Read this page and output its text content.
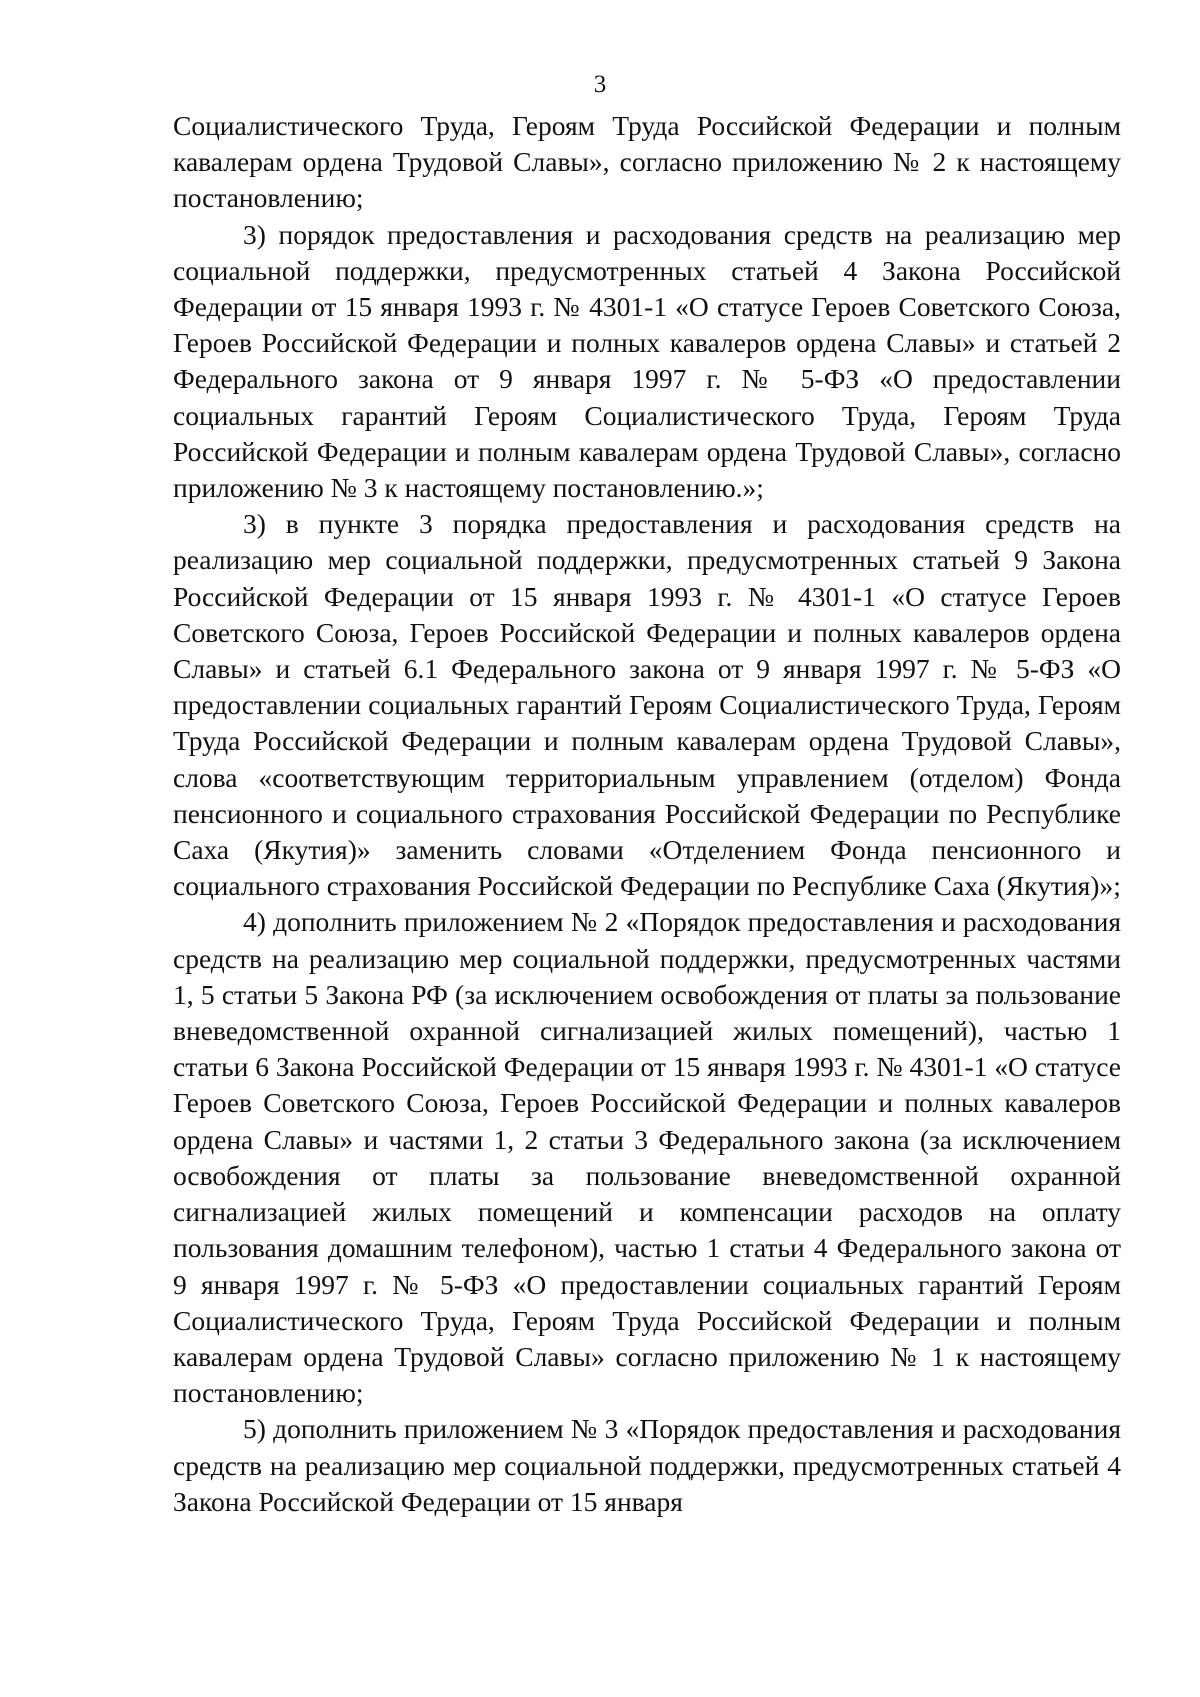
3

Социалистического Труда, Героям Труда Российской Федерации и полным кавалерам ордена Трудовой Славы», согласно приложению № 2 к настоящему постановлению;

3) порядок предоставления и расходования средств на реализацию мер социальной поддержки, предусмотренных статьей 4 Закона Российской Федерации от 15 января 1993 г. № 4301-1 «О статусе Героев Советского Союза, Героев Российской Федерации и полных кавалеров ордена Славы» и статьей 2 Федерального закона от 9 января 1997 г. № 5-ФЗ «О предоставлении социальных гарантий Героям Социалистического Труда, Героям Труда Российской Федерации и полным кавалерам ордена Трудовой Славы», согласно приложению № 3 к настоящему постановлению.»;

3) в пункте 3 порядка предоставления и расходования средств на реализацию мер социальной поддержки, предусмотренных статьей 9 Закона Российской Федерации от 15 января 1993 г. № 4301-1 «О статусе Героев Советского Союза, Героев Российской Федерации и полных кавалеров ордена Славы» и статьей 6.1 Федерального закона от 9 января 1997 г. № 5-ФЗ «О предоставлении социальных гарантий Героям Социалистического Труда, Героям Труда Российской Федерации и полным кавалерам ордена Трудовой Славы», слова «соответствующим территориальным управлением (отделом) Фонда пенсионного и социального страхования Российской Федерации по Республике Саха (Якутия)» заменить словами «Отделением Фонда пенсионного и социального страхования Российской Федерации по Республике Саха (Якутия)»;

4) дополнить приложением № 2 «Порядок предоставления и расходования средств на реализацию мер социальной поддержки, предусмотренных частями 1, 5 статьи 5 Закона РФ (за исключением освобождения от платы за пользование вневедомственной охранной сигнализацией жилых помещений), частью 1 статьи 6 Закона Российской Федерации от 15 января 1993 г. № 4301-1 «О статусе Героев Советского Союза, Героев Российской Федерации и полных кавалеров ордена Славы» и частями 1, 2 статьи 3 Федерального закона (за исключением освобождения от платы за пользование вневедомственной охранной сигнализацией жилых помещений и компенсации расходов на оплату пользования домашним телефоном), частью 1 статьи 4 Федерального закона от 9 января 1997 г. № 5-ФЗ «О предоставлении социальных гарантий Героям Социалистического Труда, Героям Труда Российской Федерации и полным кавалерам ордена Трудовой Славы» согласно приложению № 1 к настоящему постановлению;

5) дополнить приложением № 3 «Порядок предоставления и расходования средств на реализацию мер социальной поддержки, предусмотренных статьей 4 Закона Российской Федерации от 15 января
